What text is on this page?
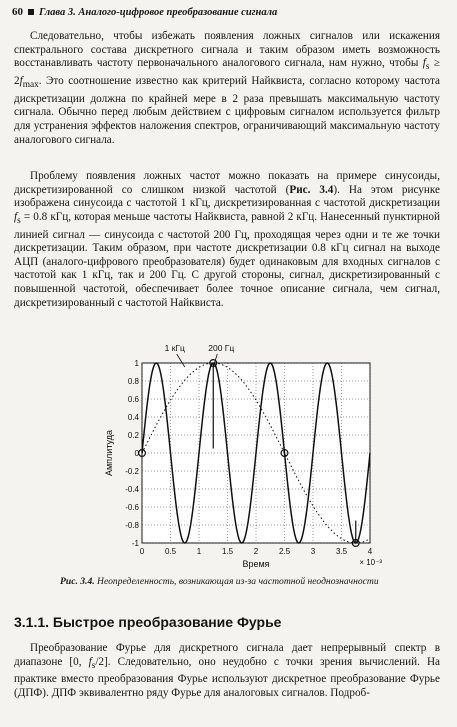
60 Глава 3. Аналого-цифровое преобразование сигнала

Следовательно, чтобы избежать появления ложных сигналов или искажения спектрального состава дискретного сигнала и таким образом иметь возможность восстанавливать частоту первоначального аналогового сигнала, нам нужно, чтобы $f_s \ge 2f_{max}$. Это соотношение известно как критерий Найквиста, согласно которому частота дискретизации должна по крайней мере в 2 раза превышать максимальную частоту сигнала. Обычно перед любым действием с цифровым сигналом используется фильтр для устранения эффектов наложения спектров, ограничивающий максимальную частоту аналогового сигнала.

Проблему появления ложных частот можно показать на примере синусоиды, дискретизированной со слишком низкой частотой (Рис. 3.4). На этом рисунке изображена синусоида с частотой 1 кГц, дискретизированная с частотой дискретизации $f_s = 0.8$ кГц, которая меньше частоты Найквиста, равной 2 кГц. Нанесенный пунктирной линией сигнал — синусоида с частотой 200 Гц, проходящая через одни и те же точки дискретизации. Таким образом, при частоте дискретизации 0.8 кГц сигнал на выходе АЦП (аналого-цифрового преобразователя) будет одинаковым для входных сигналов с частотой как 1 кГц, так и 200 Гц. С другой стороны, сигнал, дискретизированный с повышенной частотой, обеспечивает более точное описание сигнала, чем сигнал, дискретизированный с частотой Найквиста.

0	0.5	1	1.5	2	2.5	3	3.5	4
-1
-0.8
-0.6
-0.4
-0.2
0
0.2
0.4
0.6
0.8
1
1 кГц	200 Гц
Время	× 10⁻³
Амплитуда
Рис. 3.4. Неопределенность, возникающая из-за частотной неоднозначности
3.1.1. Быстрое преобразование Фурье

Преобразование Фурье для дискретного сигнала дает непрерывный спектр в диапазоне [0, $f_s/2$]. Следовательно, оно неудобно с точки зрения вычислений. На практике вместо преобразования Фурье используют дискретное преобразование Фурье (ДПФ). ДПФ эквивалентно ряду Фурье для аналоговых сигналов. Подроб-
